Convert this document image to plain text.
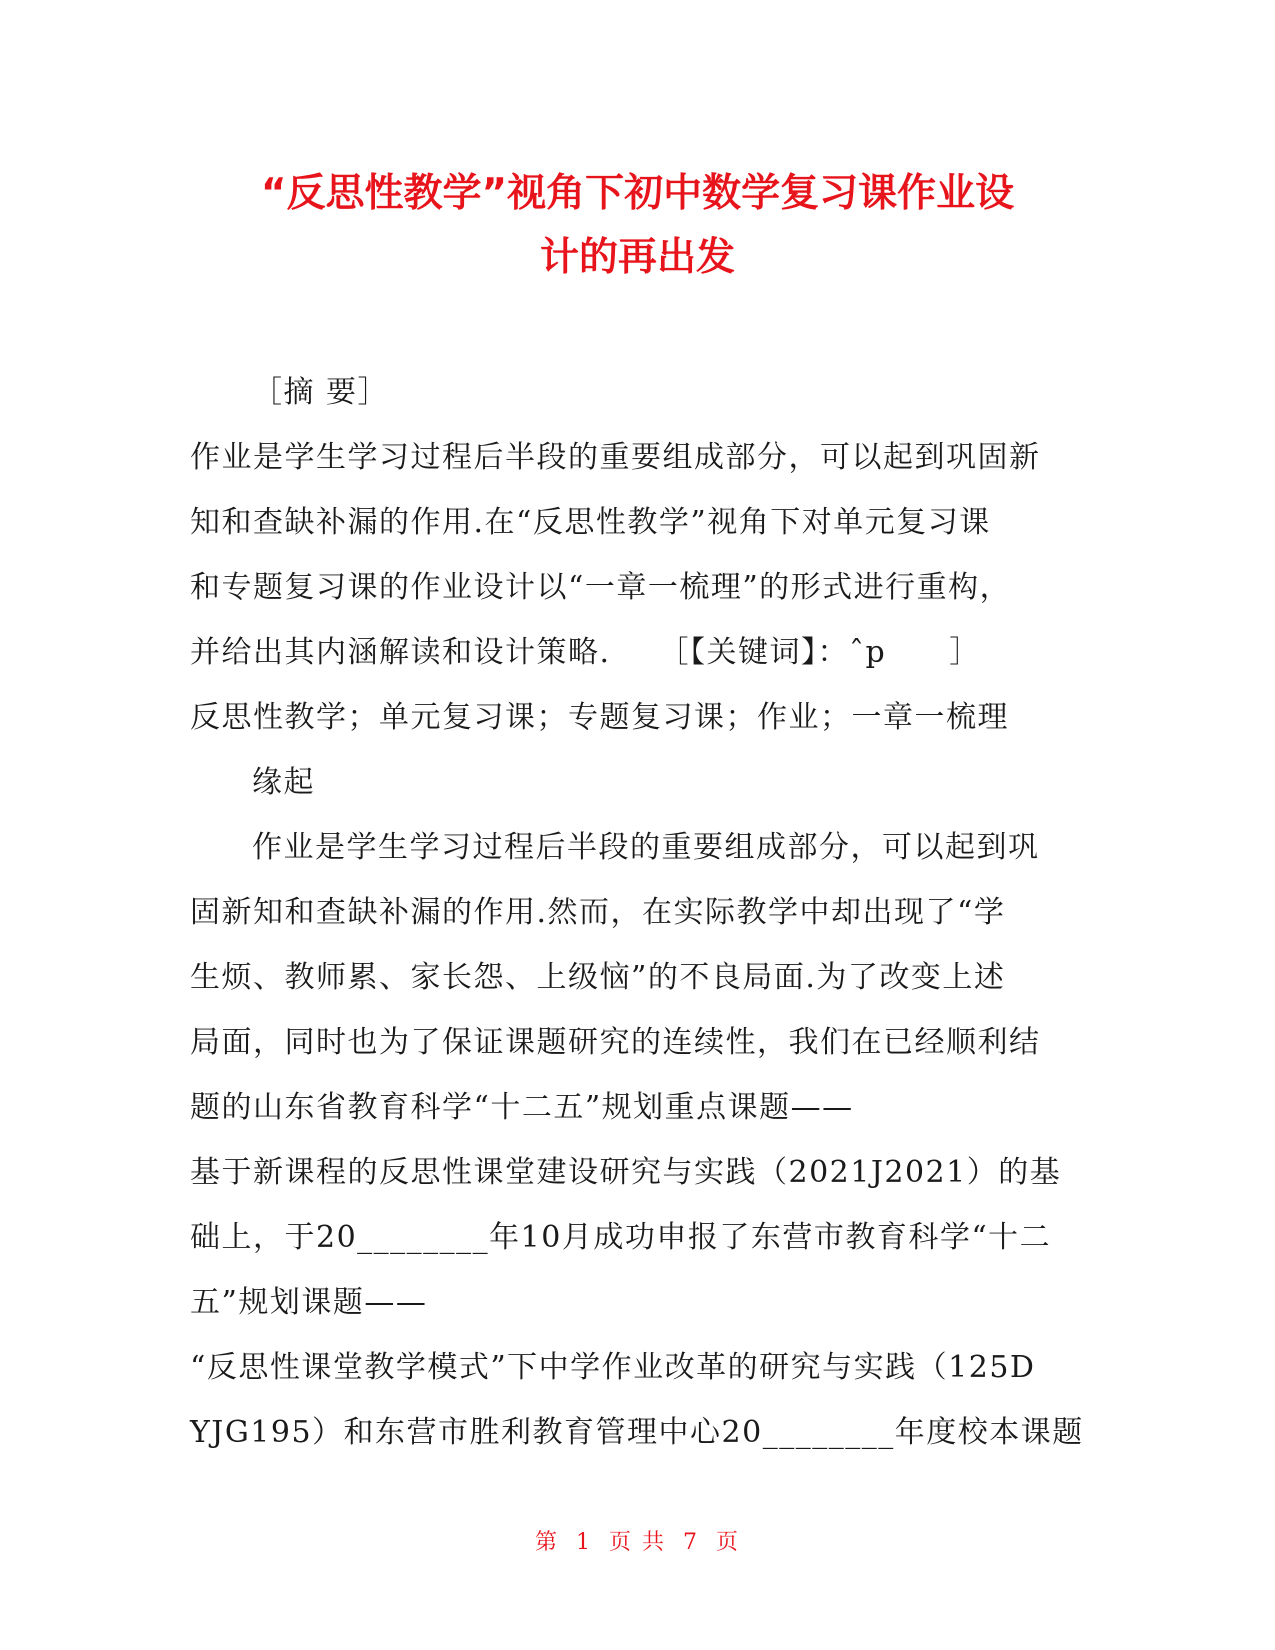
“反思性教学”视角下初中数学复习课作业设
计的再出发
［摘 要］
作业是学生学习过程后半段的重要组成部分，可以起到巩固新
知和查缺补漏的作用.在“反思性教学”视角下对单元复习课
和专题复习课的作业设计以“一章一梳理”的形式进行重构，
并给出其内涵解读和设计策略.　　［【关键词】：ˆp　　］
反思性教学；单元复习课；专题复习课；作业；一章一梳理
缘起
作业是学生学习过程后半段的重要组成部分，可以起到巩
固新知和查缺补漏的作用.然而，在实际教学中却出现了“学
生烦、教师累、家长怨、上级恼”的不良局面.为了改变上述
局面，同时也为了保证课题研究的连续性，我们在已经顺利结
题的山东省教育科学“十二五”规划重点课题——
基于新课程的反思性课堂建设研究与实践（2021J2021）的基
础上，于20________年10月成功申报了东营市教育科学“十二
五”规划课题——
“反思性课堂教学模式”下中学作业改革的研究与实践（125D
YJG195）和东营市胜利教育管理中心20________年度校本课题
第 1 页 共 7 页
